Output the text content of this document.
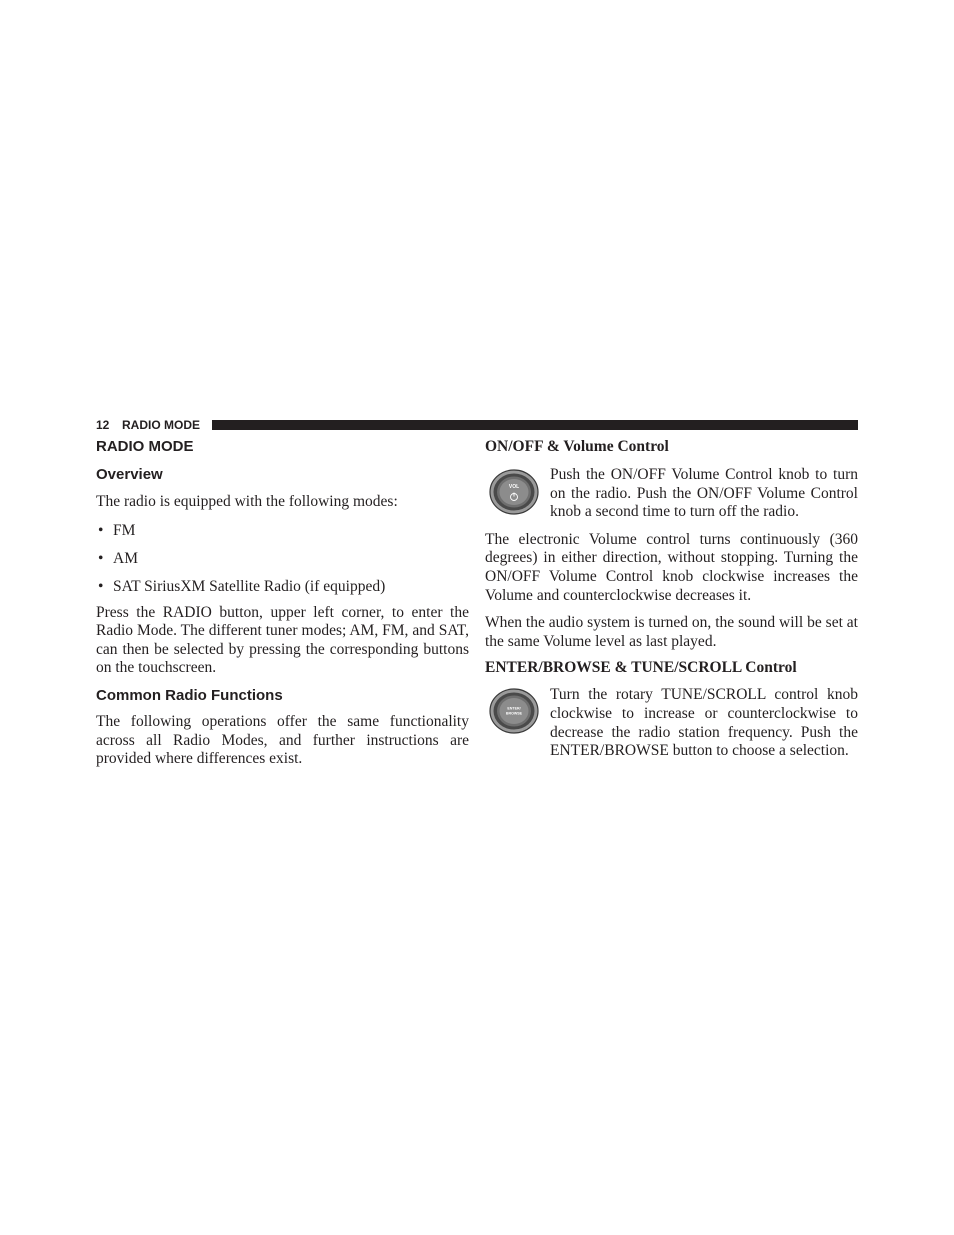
12 RADIO MODE
RADIO MODE
Overview

The radio is equipped with the following modes:

• FM
• AM
• SAT SiriusXM Satellite Radio (if equipped)

Press the RADIO button, upper left corner, to enter the Radio Mode. The different tuner modes; AM, FM, and SAT, can then be selected by pressing the corresponding buttons on the touchscreen.

Common Radio Functions

The following operations offer the same functionality across all Radio Modes, and further instructions are provided where differences exist.

ON/OFF & Volume Control
VOL

Push the ON/OFF Volume Control knob to turn on the radio. Push the ON/OFF Volume Control knob a second time to turn off the radio.

The electronic Volume control turns continuously (360 degrees) in either direction, without stopping. Turning the ON/OFF Volume Control knob clockwise increases the Volume and counterclockwise decreases it.

When the audio system is turned on, the sound will be set at the same Volume level as last played.

ENTER/BROWSE & TUNE/SCROLL Control
ENTER/
BROWSE

Turn the rotary TUNE/SCROLL control knob clockwise to increase or counterclockwise to decrease the radio station frequency. Push the ENTER/BROWSE button to choose a selection.
